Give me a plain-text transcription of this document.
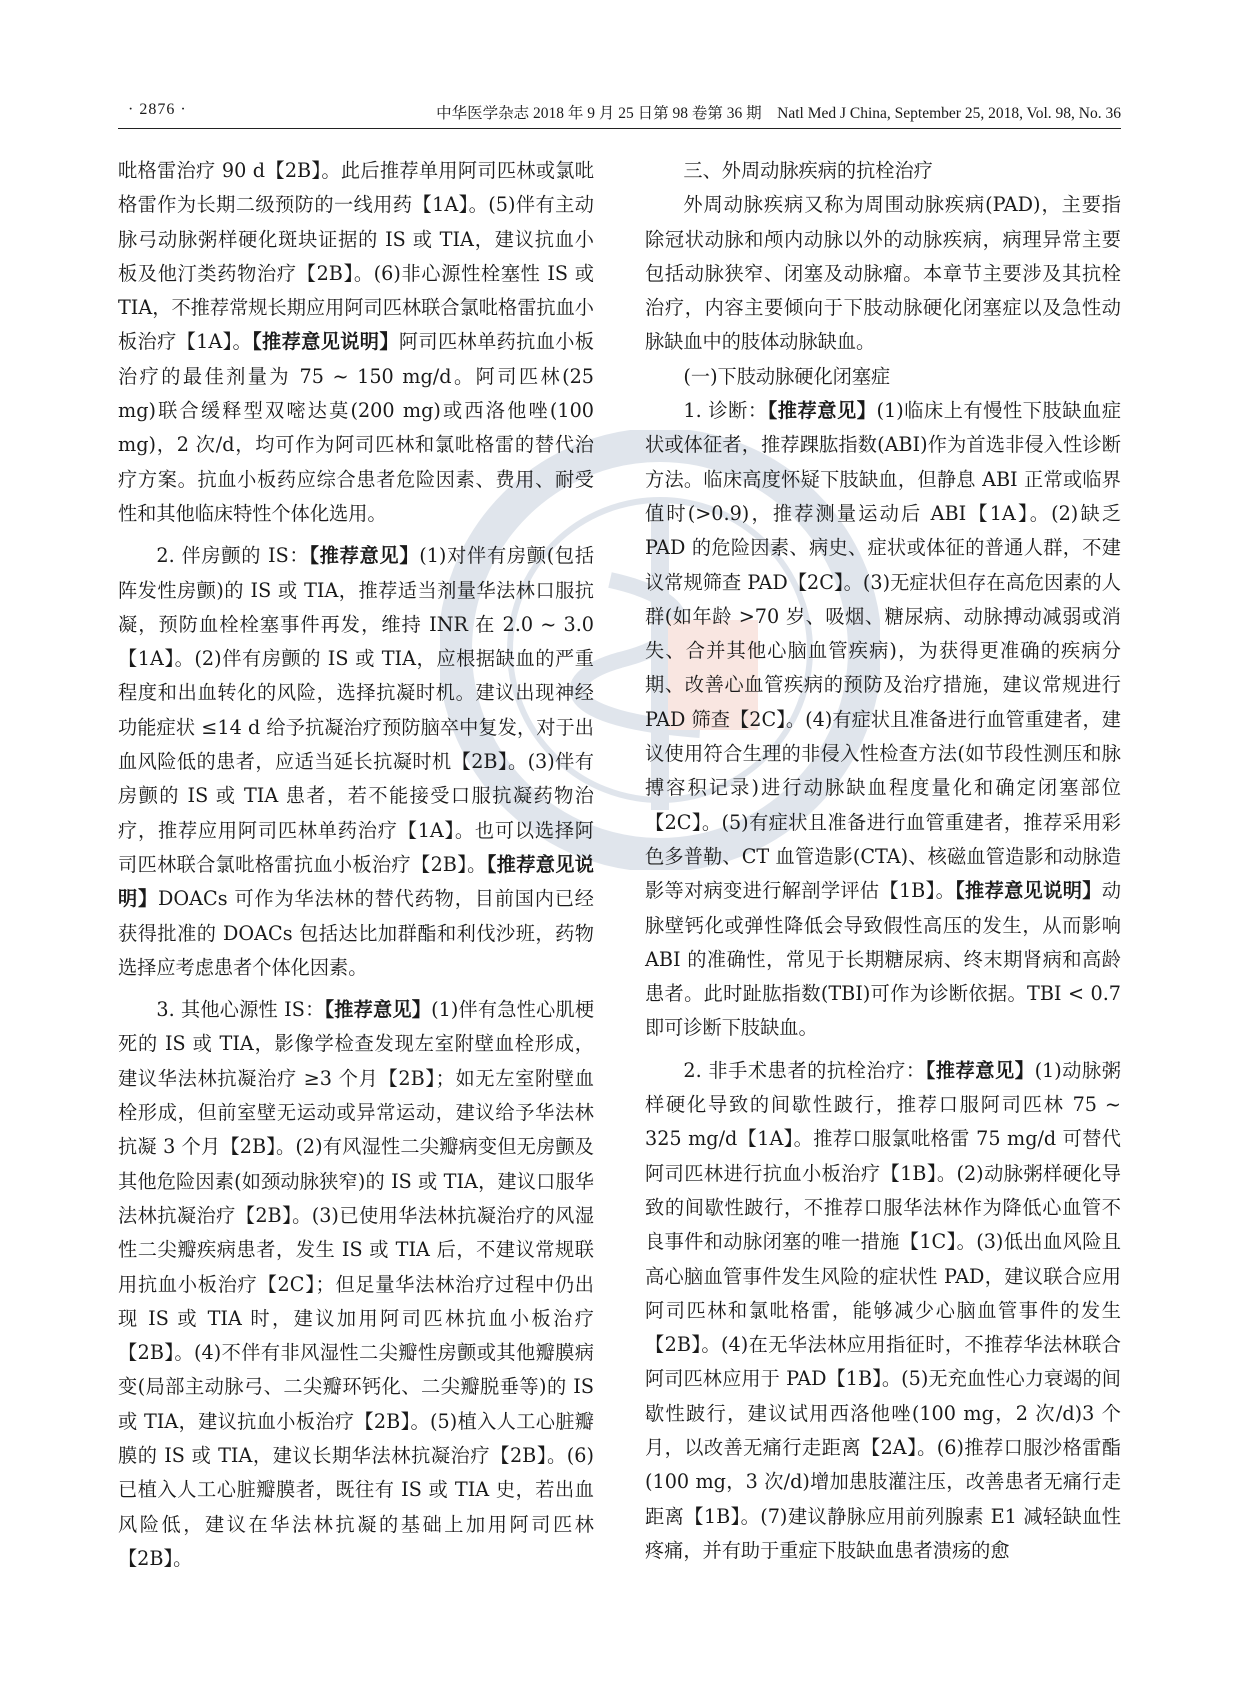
· 2876 ·	中华医学杂志 2018 年 9 月 25 日第 98 卷第 36 期　Natl Med J China, September 25, 2018, Vol. 98, No. 36

吡格雷治疗 90 d【2B】。此后推荐单用阿司匹林或氯吡格雷作为长期二级预防的一线用药【1A】。(5)伴有主动脉弓动脉粥样硬化斑块证据的 IS 或 TIA，建议抗血小板及他汀类药物治疗【2B】。(6)非心源性栓塞性 IS 或 TIA，不推荐常规长期应用阿司匹林联合氯吡格雷抗血小板治疗【1A】。【推荐意见说明】阿司匹林单药抗血小板治疗的最佳剂量为 75 ~ 150 mg/d。阿司匹林(25 mg)联合缓释型双嘧达莫(200 mg)或西洛他唑(100 mg)，2 次/d，均可作为阿司匹林和氯吡格雷的替代治疗方案。抗血小板药应综合患者危险因素、费用、耐受性和其他临床特性个体化选用。

2. 伴房颤的 IS：【推荐意见】(1)对伴有房颤(包括阵发性房颤)的 IS 或 TIA，推荐适当剂量华法林口服抗凝，预防血栓栓塞事件再发，维持 INR 在 2.0 ~ 3.0【1A】。(2)伴有房颤的 IS 或 TIA，应根据缺血的严重程度和出血转化的风险，选择抗凝时机。建议出现神经功能症状 ≤14 d 给予抗凝治疗预防脑卒中复发，对于出血风险低的患者，应适当延长抗凝时机【2B】。(3)伴有房颤的 IS 或 TIA 患者，若不能接受口服抗凝药物治疗，推荐应用阿司匹林单药治疗【1A】。也可以选择阿司匹林联合氯吡格雷抗血小板治疗【2B】。【推荐意见说明】DOACs 可作为华法林的替代药物，目前国内已经获得批准的 DOACs 包括达比加群酯和利伐沙班，药物选择应考虑患者个体化因素。

3. 其他心源性 IS：【推荐意见】(1)伴有急性心肌梗死的 IS 或 TIA，影像学检查发现左室附壁血栓形成，建议华法林抗凝治疗 ≥3 个月【2B】；如无左室附壁血栓形成，但前室壁无运动或异常运动，建议给予华法林抗凝 3 个月【2B】。(2)有风湿性二尖瓣病变但无房颤及其他危险因素(如颈动脉狭窄)的 IS 或 TIA，建议口服华法林抗凝治疗【2B】。(3)已使用华法林抗凝治疗的风湿性二尖瓣疾病患者，发生 IS 或 TIA 后，不建议常规联用抗血小板治疗【2C】；但足量华法林治疗过程中仍出现 IS 或 TIA 时，建议加用阿司匹林抗血小板治疗【2B】。(4)不伴有非风湿性二尖瓣性房颤或其他瓣膜病变(局部主动脉弓、二尖瓣环钙化、二尖瓣脱垂等)的 IS 或 TIA，建议抗血小板治疗【2B】。(5)植入人工心脏瓣膜的 IS 或 TIA，建议长期华法林抗凝治疗【2B】。(6)已植入人工心脏瓣膜者，既往有 IS 或 TIA 史，若出血风险低，建议在华法林抗凝的基础上加用阿司匹林【2B】。

三、外周动脉疾病的抗栓治疗

外周动脉疾病又称为周围动脉疾病(PAD)，主要指除冠状动脉和颅内动脉以外的动脉疾病，病理异常主要包括动脉狭窄、闭塞及动脉瘤。本章节主要涉及其抗栓治疗，内容主要倾向于下肢动脉硬化闭塞症以及急性动脉缺血中的肢体动脉缺血。

(一)下肢动脉硬化闭塞症

1. 诊断：【推荐意见】(1)临床上有慢性下肢缺血症状或体征者，推荐踝肱指数(ABI)作为首选非侵入性诊断方法。临床高度怀疑下肢缺血，但静息 ABI 正常或临界值时(>0.9)，推荐测量运动后 ABI【1A】。(2)缺乏 PAD 的危险因素、病史、症状或体征的普通人群，不建议常规筛查 PAD【2C】。(3)无症状但存在高危因素的人群(如年龄 >70 岁、吸烟、糖尿病、动脉搏动减弱或消失、合并其他心脑血管疾病)，为获得更准确的疾病分期、改善心血管疾病的预防及治疗措施，建议常规进行 PAD 筛查【2C】。(4)有症状且准备进行血管重建者，建议使用符合生理的非侵入性检查方法(如节段性测压和脉搏容积记录)进行动脉缺血程度量化和确定闭塞部位【2C】。(5)有症状且准备进行血管重建者，推荐采用彩色多普勒、CT 血管造影(CTA)、核磁血管造影和动脉造影等对病变进行解剖学评估【1B】。【推荐意见说明】动脉壁钙化或弹性降低会导致假性高压的发生，从而影响 ABI 的准确性，常见于长期糖尿病、终末期肾病和高龄患者。此时趾肱指数(TBI)可作为诊断依据。TBI < 0.7 即可诊断下肢缺血。

2. 非手术患者的抗栓治疗：【推荐意见】(1)动脉粥样硬化导致的间歇性跛行，推荐口服阿司匹林 75 ~ 325 mg/d【1A】。推荐口服氯吡格雷 75 mg/d 可替代阿司匹林进行抗血小板治疗【1B】。(2)动脉粥样硬化导致的间歇性跛行，不推荐口服华法林作为降低心血管不良事件和动脉闭塞的唯一措施【1C】。(3)低出血风险且高心脑血管事件发生风险的症状性 PAD，建议联合应用阿司匹林和氯吡格雷，能够减少心脑血管事件的发生【2B】。(4)在无华法林应用指征时，不推荐华法林联合阿司匹林应用于 PAD【1B】。(5)无充血性心力衰竭的间歇性跛行，建议试用西洛他唑(100 mg，2 次/d)3 个月，以改善无痛行走距离【2A】。(6)推荐口服沙格雷酯(100 mg，3 次/d)增加患肢灌注压，改善患者无痛行走距离【1B】。(7)建议静脉应用前列腺素 E1 减轻缺血性疼痛，并有助于重症下肢缺血患者溃疡的愈
